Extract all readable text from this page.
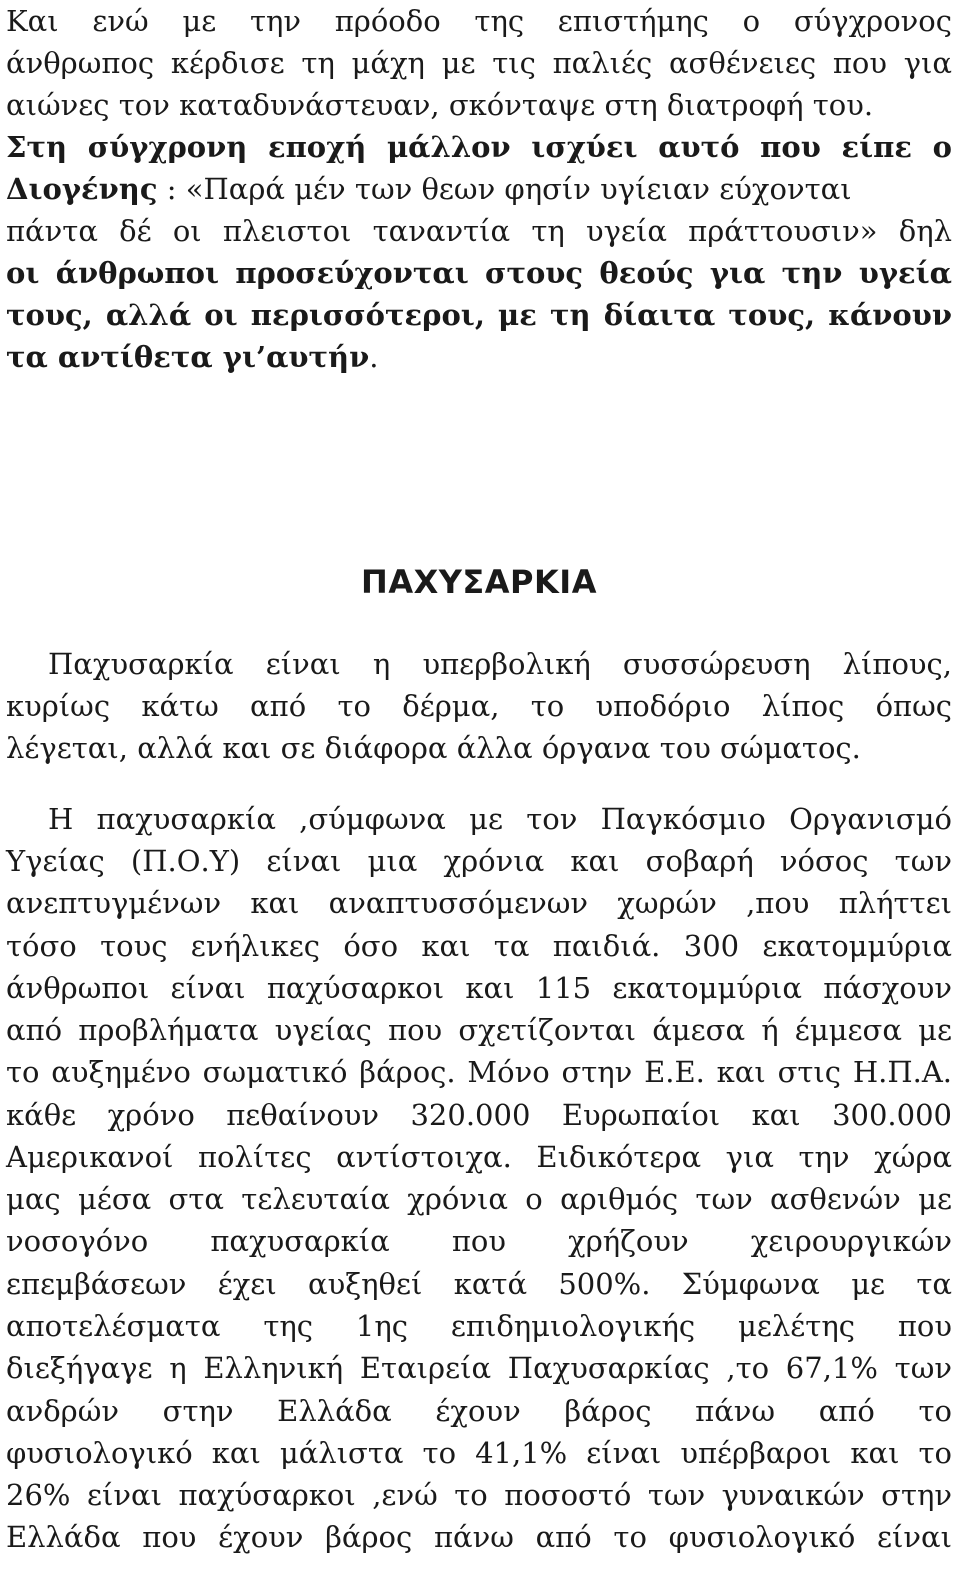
Και ενώ με την πρόοδο της επιστήμης ο σύγχρονος
άνθρωπος κέρδισε τη μάχη με τις παλιές ασθένειες που για
αιώνες τον καταδυνάστευαν, σκόνταψε στη διατροφή του.
Στη σύγχρονη εποχή μάλλον ισχύει αυτό που είπε ο
Διογένης : «Παρά μέν των θεων φησίν υγίειαν εύχονται
πάντα δέ οι πλειστοι ταναντία τη υγεία πράττουσιν» δηλ
οι άνθρωποι προσεύχονται στους θεούς για την υγεία
τους, αλλά οι περισσότεροι, με τη δίαιτα τους, κάνουν
τα αντίθετα γι’αυτήν.
ΠΑΧΥΣΑΡΚΙΑ
Παχυσαρκία είναι η υπερβολική συσσώρευση λίπους,
κυρίως κάτω από το δέρμα, το υποδόριο λίπος όπως
λέγεται, αλλά και σε διάφορα άλλα όργανα του σώματος.
Η παχυσαρκία ,σύμφωνα με τον Παγκόσμιο Οργανισμό
Υγείας (Π.Ο.Υ) είναι μια χρόνια και σοβαρή νόσος των
ανεπτυγμένων και αναπτυσσόμενων χωρών ,που πλήττει
τόσο τους ενήλικες όσο και τα παιδιά. 300 εκατομμύρια
άνθρωποι είναι παχύσαρκοι και 115 εκατομμύρια πάσχουν
από προβλήματα υγείας που σχετίζονται άμεσα ή έμμεσα με
το αυξημένο σωματικό βάρος. Μόνο στην Ε.Ε. και στις Η.Π.Α.
κάθε χρόνο πεθαίνουν 320.000 Ευρωπαίοι και 300.000
Αμερικανοί πολίτες αντίστοιχα. Ειδικότερα για την χώρα
μας μέσα στα τελευταία χρόνια ο αριθμός των ασθενών με
νοσογόνο παχυσαρκία που χρήζουν χειρουργικών
επεμβάσεων έχει αυξηθεί κατά 500%. Σύμφωνα με τα
αποτελέσματα της 1ης επιδημιολογικής μελέτης που
διεξήγαγε η Ελληνική Εταιρεία Παχυσαρκίας ,το 67,1% των
ανδρών στην Ελλάδα έχουν βάρος πάνω από το
φυσιολογικό και μάλιστα το 41,1% είναι υπέρβαρoι και το
26% είναι παχύσαρκοι ,ενώ το ποσοστό των γυναικών στην
Ελλάδα που έχουν βάρος πάνω από το φυσιολογικό είναι
